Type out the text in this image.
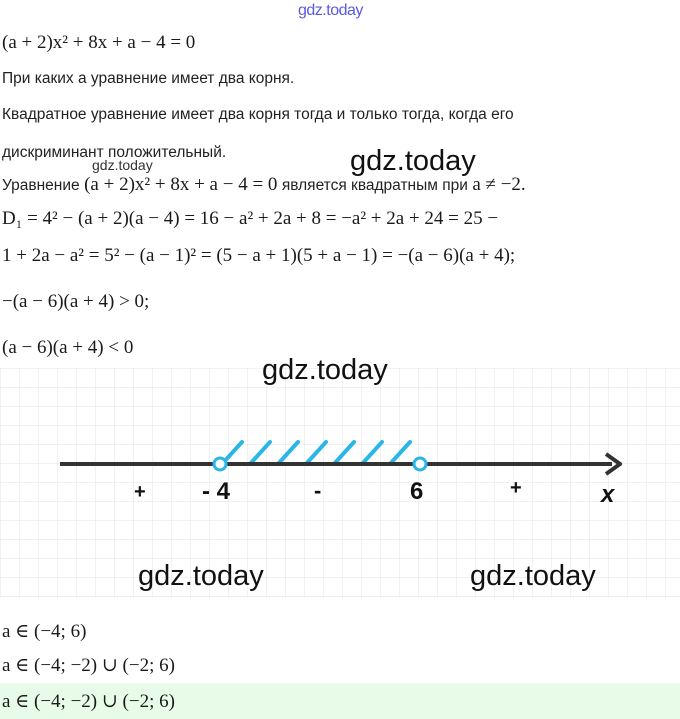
gdz.today
(a + 2)x² + 8x + a − 4 = 0
При каких a уравнение имеет два корня.
Квадратное уравнение имеет два корня тогда и только тогда, когда его
дискриминант положительный.
gdz.today	gdz.today
Уравнение (a + 2)x² + 8x + a − 4 = 0 является квадратным при a ≠ −2.
D₁ = 4² − (a + 2)(a − 4) = 16 − a² + 2a + 8 = −a² + 2a + 24 = 25 −
1 + 2a − a² = 5² − (a − 1)² = (5 − a + 1)(5 + a − 1) = −(a − 6)(a + 4);
−(a − 6)(a + 4) > 0;
(a − 6)(a + 4) < 0
- 4	6
+	-	+	x
gdz.today
gdz.today	gdz.today
a ∈ (−4; 6)
a ∈ (−4; −2) ∪ (−2; 6)
a ∈ (−4; −2) ∪ (−2; 6)
